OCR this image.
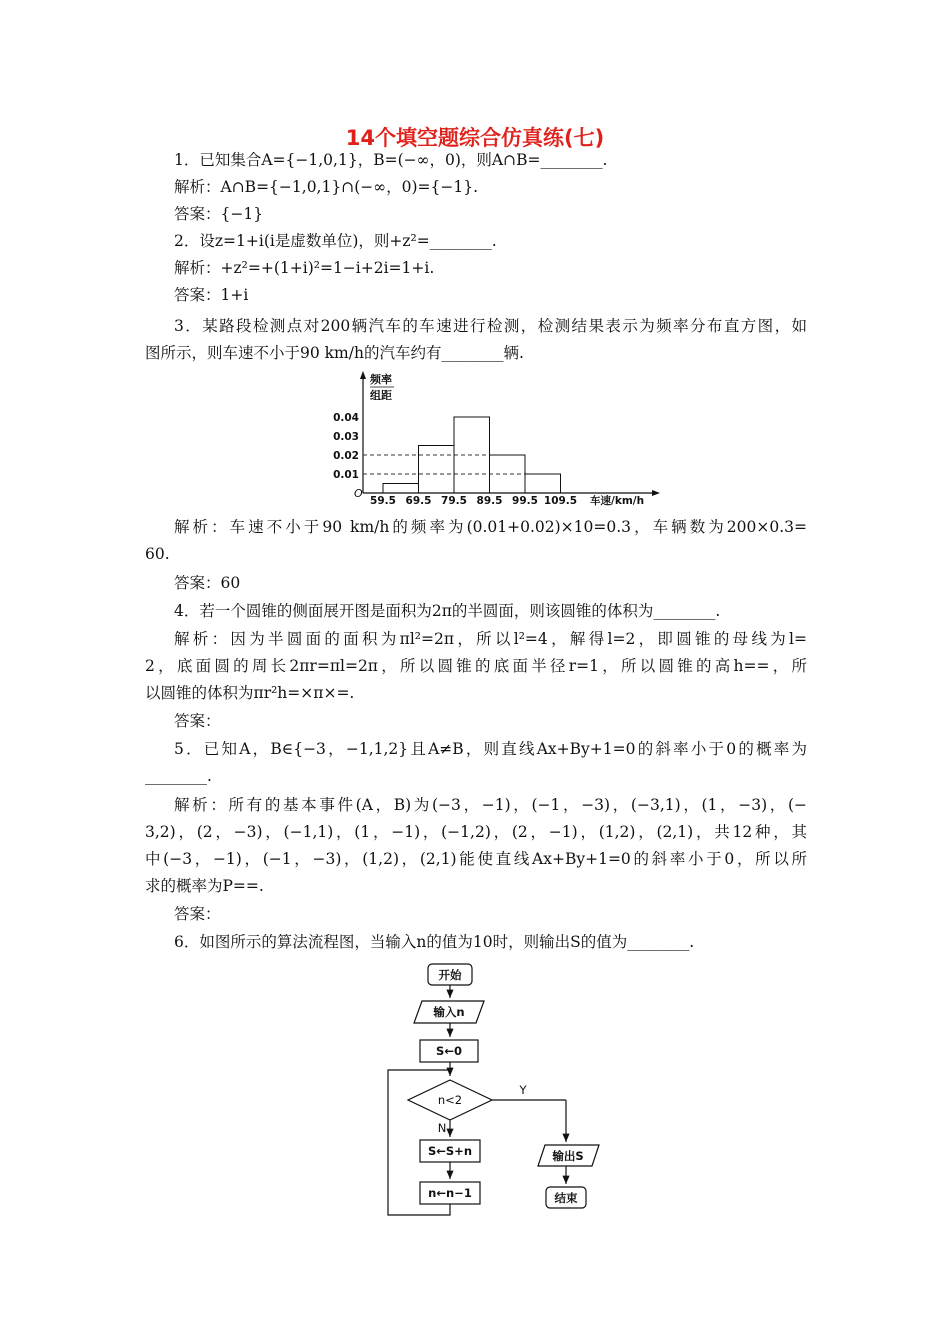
14个填空题综合仿真练(七)
1．已知集合A={−1,0,1}，B=(−∞，0)，则A∩B=________.
解析：A∩B={−1,0,1}∩(−∞，0)={−1}.
答案：{−1}
2．设z=1+i(i是虚数单位)，则+z²=________.
解析：+z²=+(1+i)²=1−i+2i=1+i.
答案：1+i
3．某路段检测点对200辆汽车的车速进行检测，检测结果表示为频率分布直方图，如
图所示，则车速不小于90 km/h的汽车约有________辆.
频率
组距
O
0.04
0.03
0.02
0.01
59.5 69.5 79.5 89.5 99.5 109.5 车速/km/h
解析：车速不小于90 km/h的频率为(0.01+0.02)×10=0.3，车辆数为200×0.3=
60.
答案：60
4．若一个圆锥的侧面展开图是面积为2π的半圆面，则该圆锥的体积为________.
解析：因为半圆面的面积为πl²=2π，所以l²=4，解得l=2，即圆锥的母线为l=
2，底面圆的周长2πr=πl=2π，所以圆锥的底面半径r=1，所以圆锥的高h==，所
以圆锥的体积为πr²h=×π×=.
答案：
5．已知A，B∈{−3，−1,1,2}且A≠B，则直线Ax+By+1=0的斜率小于0的概率为
________.
解析：所有的基本事件(A，B)为(−3，−1)，(−1，−3)，(−3,1)，(1，−3)，(−
3,2)，(2，−3)，(−1,1)，(1，−1)，(−1,2)，(2，−1)，(1,2)，(2,1)，共12种，其
中(−3，−1)，(−1，−3)，(1,2)，(2,1)能使直线Ax+By+1=0的斜率小于0，所以所
求的概率为P==.
答案：
6．如图所示的算法流程图，当输入n的值为10时，则输出S的值为________.
开始
输入n
S←0
n<2
Y
N
S←S+n
n←n−1
输出S
结束
